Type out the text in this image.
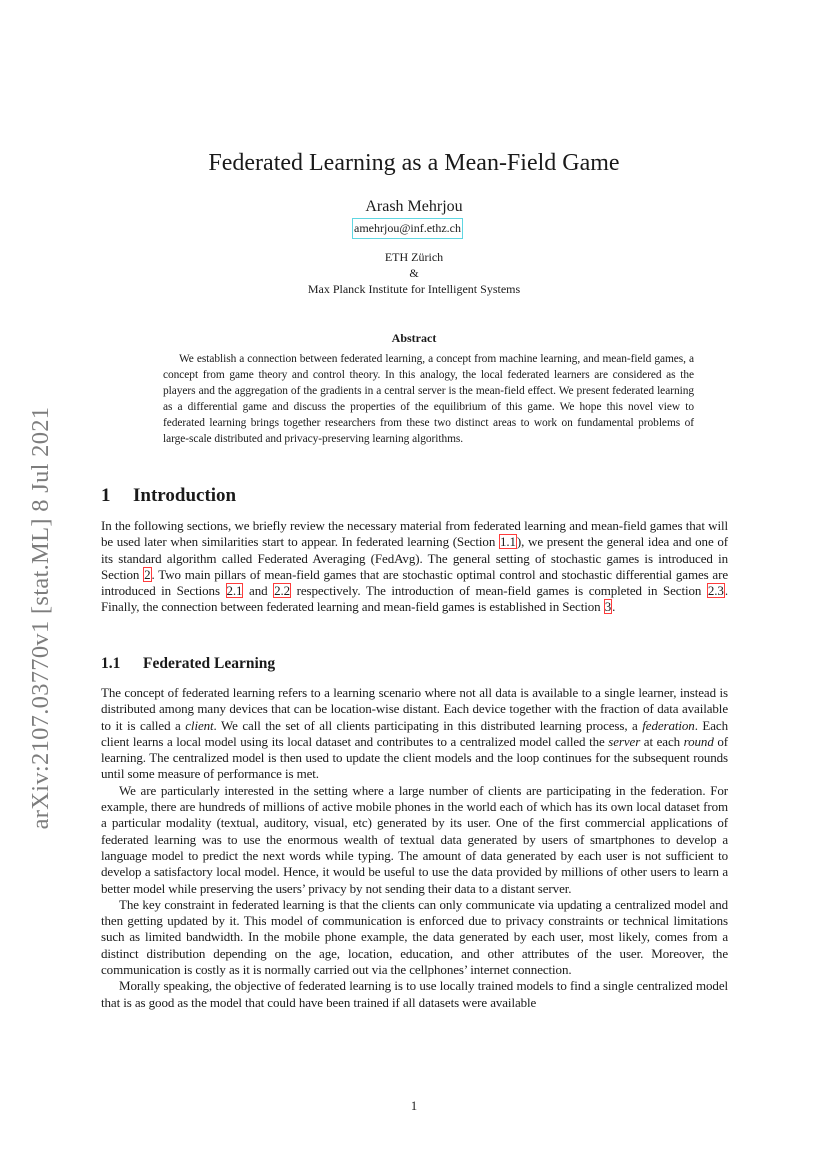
arXiv:2107.03770v1 [stat.ML] 8 Jul 2021
Federated Learning as a Mean-Field Game
Arash Mehrjou
amehrjou@inf.ethz.ch
ETH Zürich
&
Max Planck Institute for Intelligent Systems
Abstract

We establish a connection between federated learning, a concept from machine learning, and mean-field games, a concept from game theory and control theory. In this analogy, the local federated learners are considered as the players and the aggregation of the gradients in a central server is the mean-field effect. We present federated learning as a differential game and discuss the properties of the equilibrium of this game. We hope this novel view to federated learning brings together researchers from these two distinct areas to work on fundamental problems of large-scale distributed and privacy-preserving learning algorithms.

1 Introduction

In the following sections, we briefly review the necessary material from federated learning and mean-field games that will be used later when similarities start to appear. In federated learning (Section 1.1), we present the general idea and one of its standard algorithm called Federated Averaging (FedAvg). The general setting of stochastic games is introduced in Section 2. Two main pillars of mean-field games that are stochastic optimal control and stochastic differential games are introduced in Sections 2.1 and 2.2 respectively. The introduction of mean-field games is completed in Section 2.3. Finally, the connection between federated learning and mean-field games is established in Section 3.

1.1 Federated Learning

The concept of federated learning refers to a learning scenario where not all data is available to a single learner, instead is distributed among many devices that can be location-wise distant. Each device together with the fraction of data available to it is called a client. We call the set of all clients participating in this distributed learning process, a federation. Each client learns a local model using its local dataset and contributes to a centralized model called the server at each round of learning. The centralized model is then used to update the client models and the loop continues for the subsequent rounds until some measure of performance is met.

We are particularly interested in the setting where a large number of clients are participating in the federation. For example, there are hundreds of millions of active mobile phones in the world each of which has its own local dataset from a particular modality (textual, auditory, visual, etc) generated by its user. One of the first commercial applications of federated learning was to use the enormous wealth of textual data generated by users of smartphones to develop a language model to predict the next words while typing. The amount of data generated by each user is not sufficient to develop a satisfactory local model. Hence, it would be useful to use the data provided by millions of other users to learn a better model while preserving the users’ privacy by not sending their data to a distant server.

The key constraint in federated learning is that the clients can only communicate via updating a centralized model and then getting updated by it. This model of communication is enforced due to privacy constraints or technical limitations such as limited bandwidth. In the mobile phone example, the data generated by each user, most likely, comes from a distinct distribution depending on the age, location, education, and other attributes of the user. Moreover, the communication is costly as it is normally carried out via the cellphones’ internet connection.

Morally speaking, the objective of federated learning is to use locally trained models to find a single centralized model that is as good as the model that could have been trained if all datasets were available

1
